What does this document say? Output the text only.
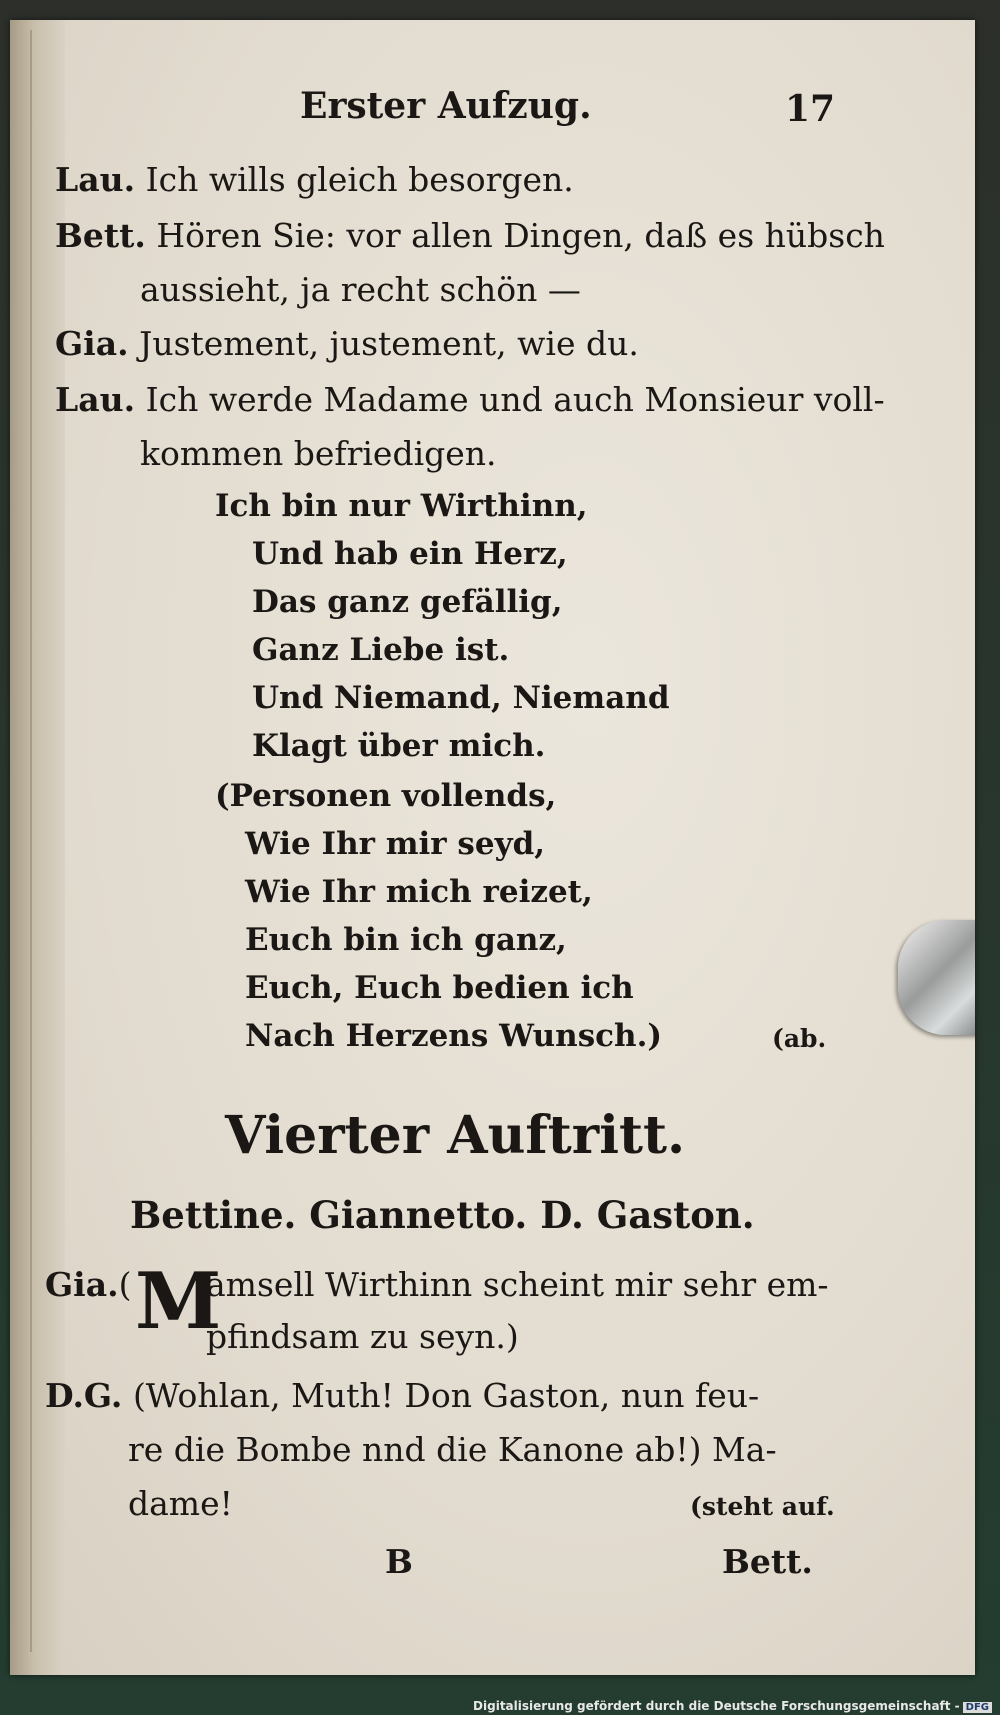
Erster Aufzug.	17
Lau. Ich wills gleich besorgen.
Bett. Hören Sie: vor allen Dingen, daß es hübsch
aussieht, ja recht schön —
Gia. Justement, justement, wie du.
Lau. Ich werde Madame und auch Monsieur voll-
kommen befriedigen.
Ich bin nur Wirthinn,
Und hab ein Herz,
Das ganz gefällig,
Ganz Liebe ist.
Und Niemand, Niemand
Klagt über mich.
(Personen vollends,
Wie Ihr mir seyd,
Wie Ihr mich reizet,
Euch bin ich ganz,
Euch, Euch bedien ich
Nach Herzens Wunsch.)	(ab.
Vierter Auftritt.
Bettine. Giannetto. D. Gaston.
Gia.( M
amsell Wirthinn scheint mir sehr em-
pfindsam zu seyn.)
D.G. (Wohlan, Muth! Don Gaston, nun feu-
re die Bombe nnd die Kanone ab!) Ma-
dame!	(steht auf.
B	Bett.
Digitalisierung gefördert durch die Deutsche Forschungsgemeinschaft - DFG
